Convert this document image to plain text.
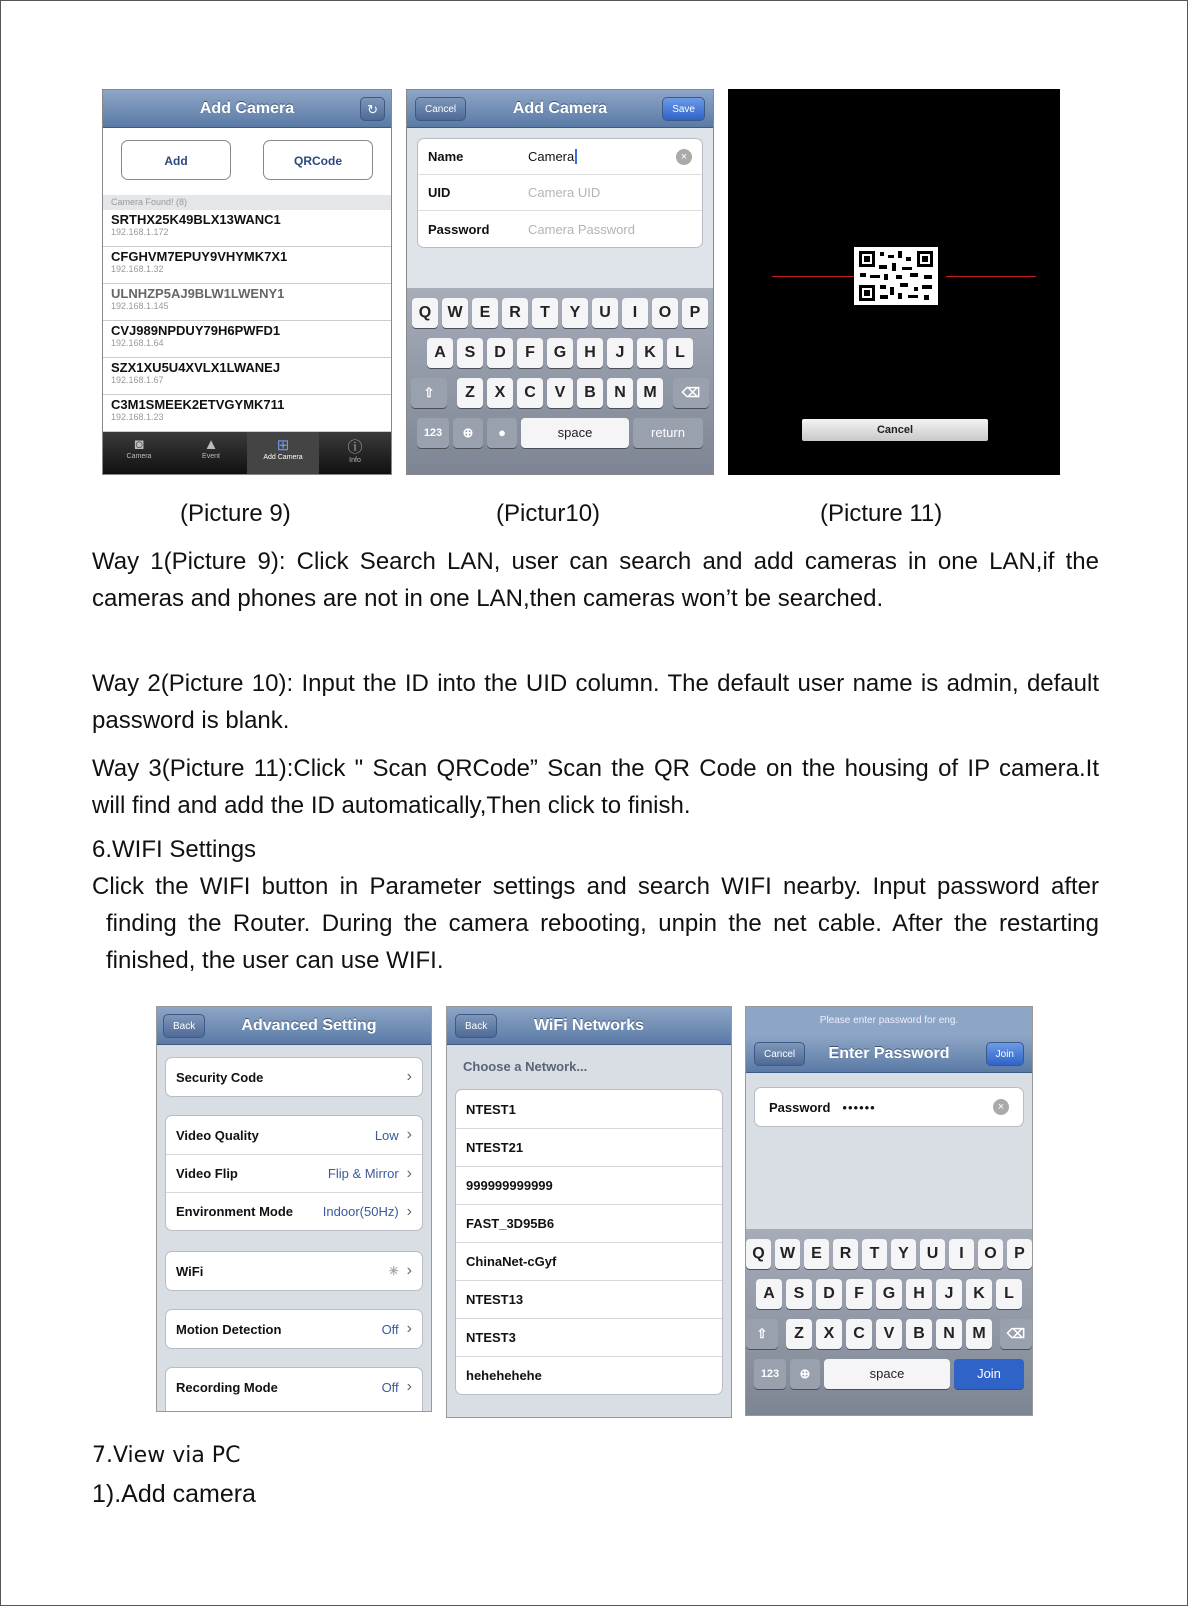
Add Camera	↻
Add	QRCode
Camera Found! (8)
SRTHX25K49BLX13WANC1
192.168.1.172
CFGHVM7EPUY9VHYMK7X1
192.168.1.32
ULNHZP5AJ9BLW1LWENY1
192.168.1.145
CVJ989NPDUY79H6PWFD1
192.168.1.64
SZX1XU5U4XVLX1LWANEJ
192.168.1.67
C3M1SMEEK2ETVGYMK711
192.168.1.23
◙
Camera
▲
Event
⊞
Add Camera
ⓘ
Info
Add Camera
Cancel	Save
Name	Camera	×
UID	Camera UID
Password	Camera Password
Q	W	E	R	T	Y	U	I	O	P
A	S	D	F	G	H	J	K	L
⇧	Z	X	C	V	B	N	M	⌫
123	⊕	●	space	return	Cancel
(Picture 9)	(Pictur10)	(Picture 11)
Way 1(Picture 9): Click Search LAN, user can search and add cameras in one LAN,if the cameras and phones are not in one LAN,then cameras won’t be searched.
Way 2(Picture 10): Input the ID into the UID column. The default user name is admin, default password is blank.
Way 3(Picture 11):Click " Scan QRCode” Scan the QR Code on the housing of IP camera.It will find and add the ID automatically,Then click to finish.
6.WIFI Settings
Click the WIFI button in Parameter settings and search WIFI nearby. Input password after finding the Router. During the camera rebooting, unpin the net cable. After the restarting finished, the user can use WIFI.
Advanced Setting
Back
Security Code	›
Video Quality	Low ›
Video Flip	Flip & Mirror ›
Environment Mode Indoor(50Hz) ›
WiFi	✳ ›
Motion Detection	Off ›
Recording Mode	Off ›
WiFi Networks
Back
Choose a Network...
NTEST1
NTEST21
999999999999
FAST_3D95B6
ChinaNet-cGyf
NTEST13
NTEST3
hehehehehe
Please enter password for eng.
Enter Password
Cancel	Join
Password ••••••	×
Q W	E	R	T	Y	U	I	O	P
A	S	D	F	G	H	J	K	L
⇧	Z	X	C	V	B	N	M	⌫
123	⊕	space	Join
7.View via PC
1).Add camera
